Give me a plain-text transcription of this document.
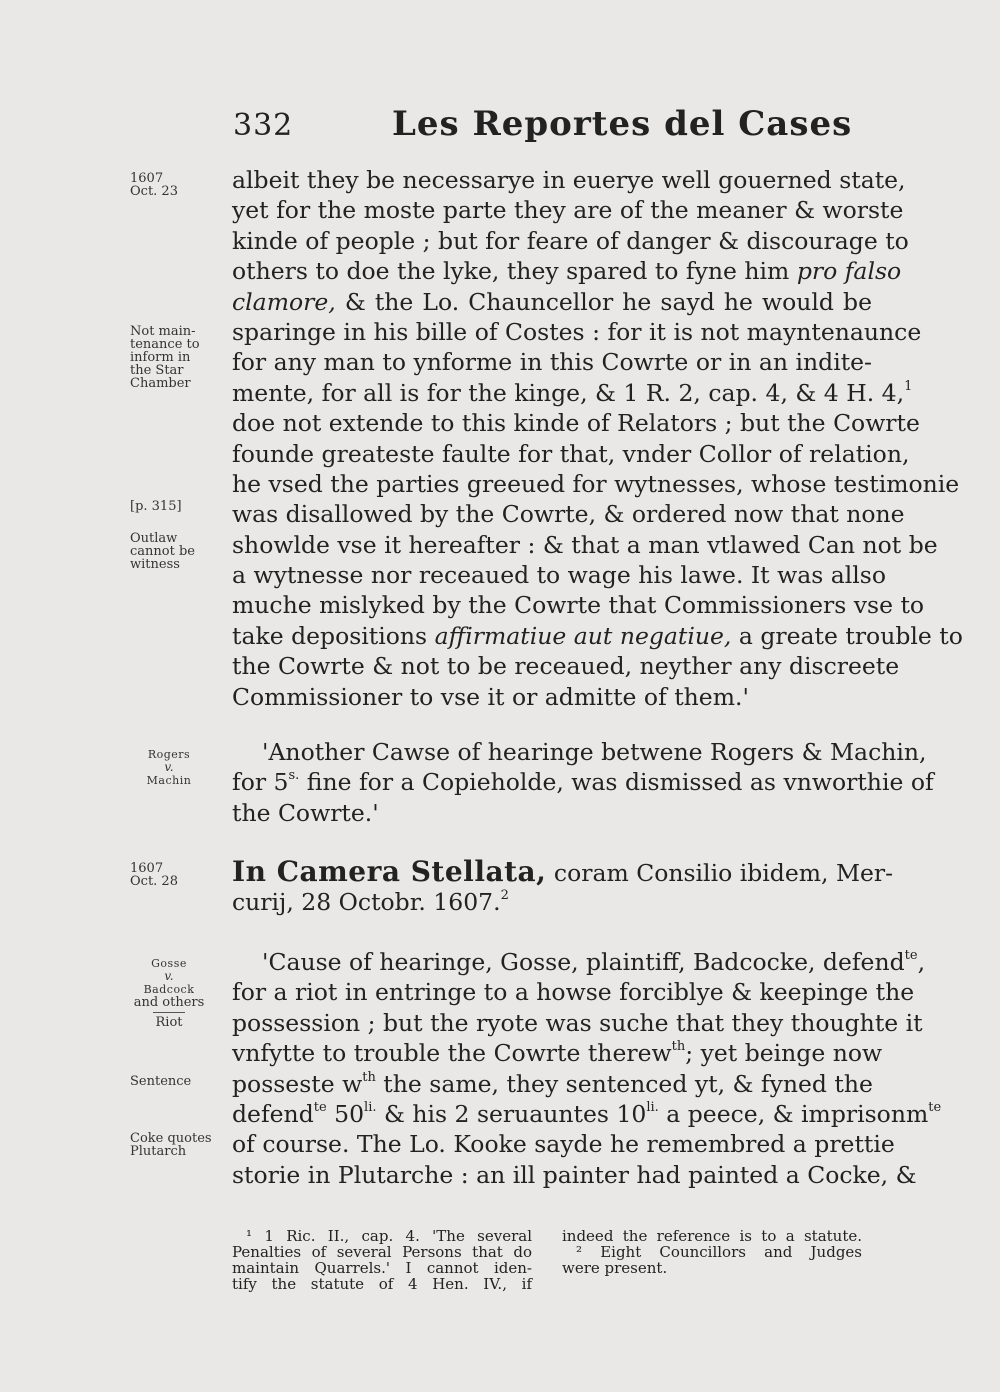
332	Les Reportes del Cases
1607
Oct. 23
Not main-
tenance to
inform in
the Star
Chamber
[p. 315]
Outlaw
cannot be
witness
Rogers
v.
Machin
1607
Oct. 28
Gosse
v.
Badcock
and others
Riot
Sentence
Coke quotes
Plutarch
albeit they be necessarye in euerye well gouerned state,
yet for the moste parte they are of the meaner & worste
kinde of people ; but for feare of danger & discourage to
others to doe the lyke, they spared to fyne him pro falso
clamore, & the Lo. Chauncellor he sayd he would be
sparinge in his bille of Costes : for it is not mayntenaunce
for any man to ynforme in this Cowrte or in an indite-
mente, for all is for the kinge, & 1 R. 2, cap. 4, & 4 H. 4,$^1$
doe not extende to this kinde of Relators ; but the Cowrte
founde greateste faulte for that, vnder Collor of relation,
he vsed the parties greeued for wytnesses, whose testimonie
was disallowed by the Cowrte, & ordered now that none
showlde vse it hereafter : & that a man vtlawed Can not be
a wytnesse nor receaued to wage his lawe. It was allso
muche mislyked by the Cowrte that Commissioners vse to
take depositions affirmatiue aut negatiue, a greate trouble to
the Cowrte & not to be receaued, neyther any discreete
Commissioner to vse it or admitte of them.'
'Another Cawse of hearinge betwene Rogers & Machin,
for $5^{s.}$ fine for a Copieholde, was dismissed as vnworthie of
the Cowrte.'
In Camera Stellata, coram Consilio ibidem, Mer-
curij, 28 Octobr. 1607.$^2$
'Cause of hearinge, Gosse, plaintiff, Badcocke, defend$^{te}$,
for a riot in entringe to a howse forciblye & keepinge the
possession ; but the ryote was suche that they thoughte it
vnfytte to trouble the Cowrte therew$^{th}$; yet beinge now
posseste $w^{th}$ the same, they sentenced yt, & fyned the
defend$^{te}$ $50^{li.}$ & his 2 seruauntes $10^{li.}$ a peece, & imprisonm$^{te}$
of course. The Lo. Kooke sayde he remembred a prettie
storie in Plutarche : an ill painter had painted a Cocke, &
¹ 1 Ric. II., cap. 4. 'The several
Penalties of several Persons that do
maintain Quarrels.' I cannot iden-
tify the statute of 4 Hen. IV., if
indeed the reference is to a statute.
² Eight Councillors and Judges
were present.
